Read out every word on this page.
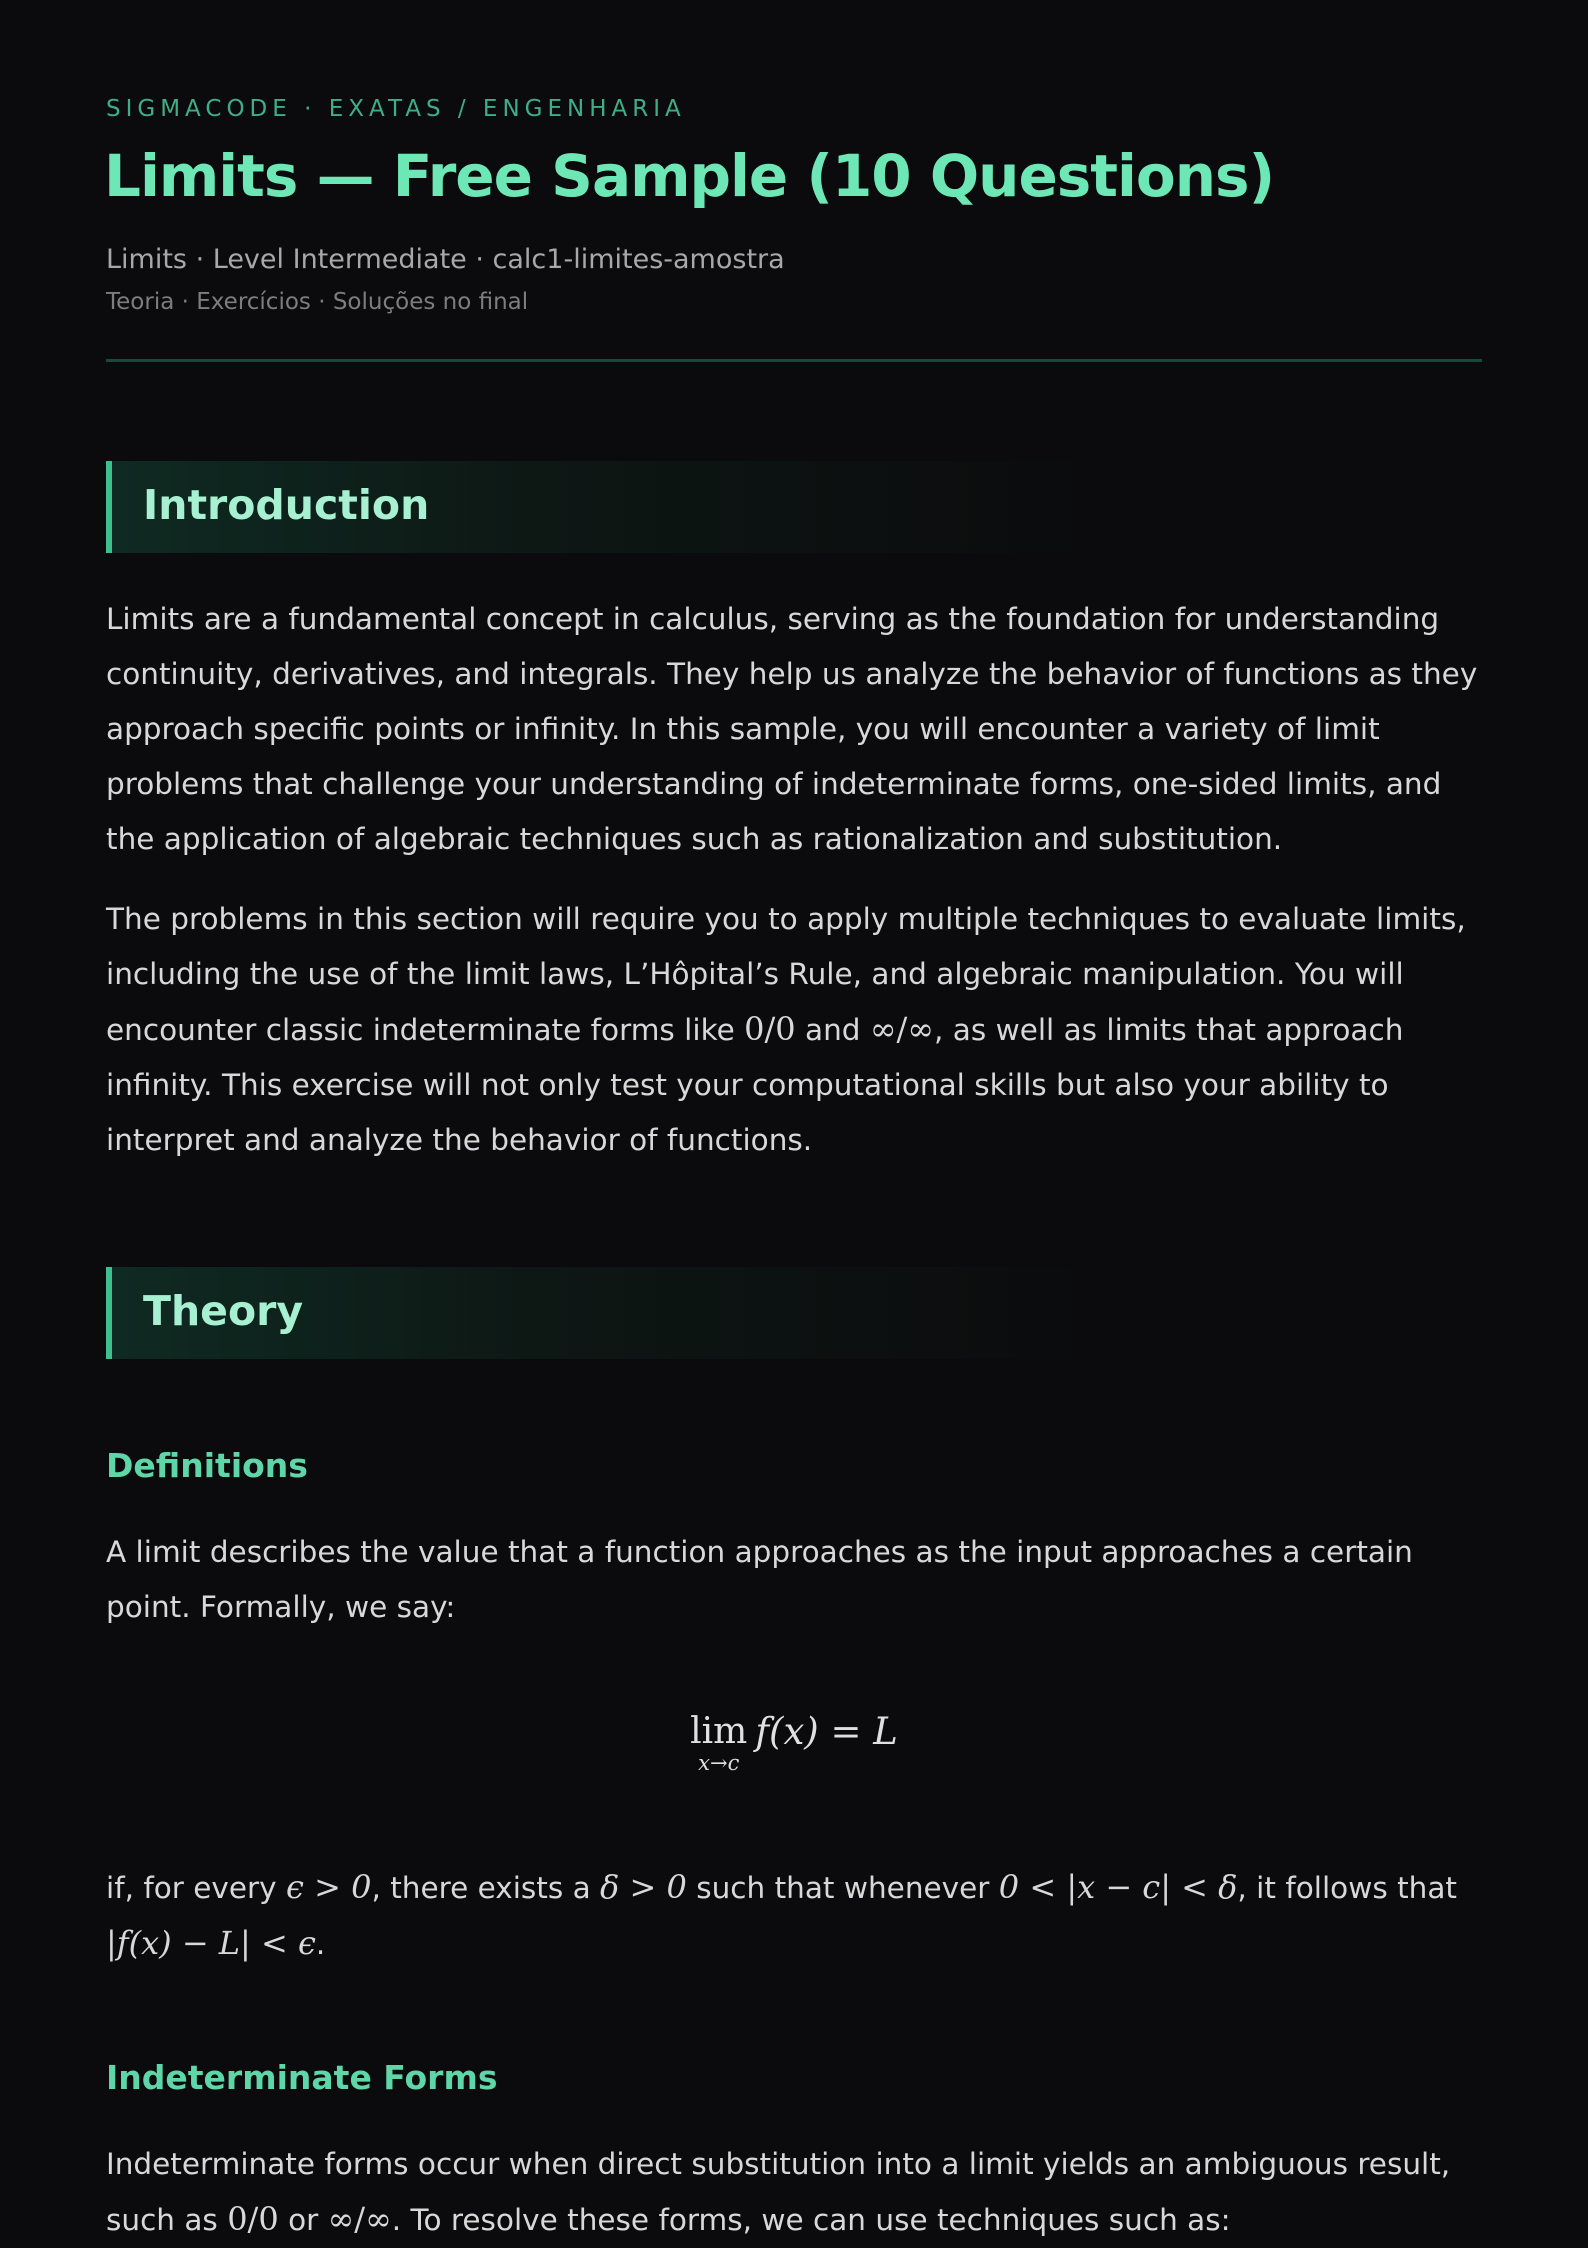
SIGMACODE · EXATAS / ENGENHARIA
Limits — Free Sample (10 Questions)
Limits · Level Intermediate · calc1-limites-amostra
Teoria · Exercícios · Soluções no final
Introduction

Limits are a fundamental concept in calculus, serving as the foundation for understanding continuity, derivatives, and integrals. They help us analyze the behavior of functions as they approach specific points or infinity. In this sample, you will encounter a variety of limit problems that challenge your understanding of indeterminate forms, one-sided limits, and the application of algebraic techniques such as rationalization and substitution.

The problems in this section will require you to apply multiple techniques to evaluate limits, including the use of the limit laws, L’Hôpital’s Rule, and algebraic manipulation. You will encounter classic indeterminate forms like 0/0 and ∞/∞, as well as limits that approach infinity. This exercise will not only test your computational skills but also your ability to interpret and analyze the behavior of functions.

Theory
Definitions

A limit describes the value that a function approaches as the input approaches a certain point. Formally, we say:

lim
x→c
f(x) = L

if, for every ϵ > 0, there exists a δ > 0 such that whenever 0 < |x − c| < δ, it follows that |f(x) − L| < ϵ.

Indeterminate Forms

Indeterminate forms occur when direct substitution into a limit yields an ambiguous result, such as 0/0 or ∞/∞. To resolve these forms, we can use techniques such as:
